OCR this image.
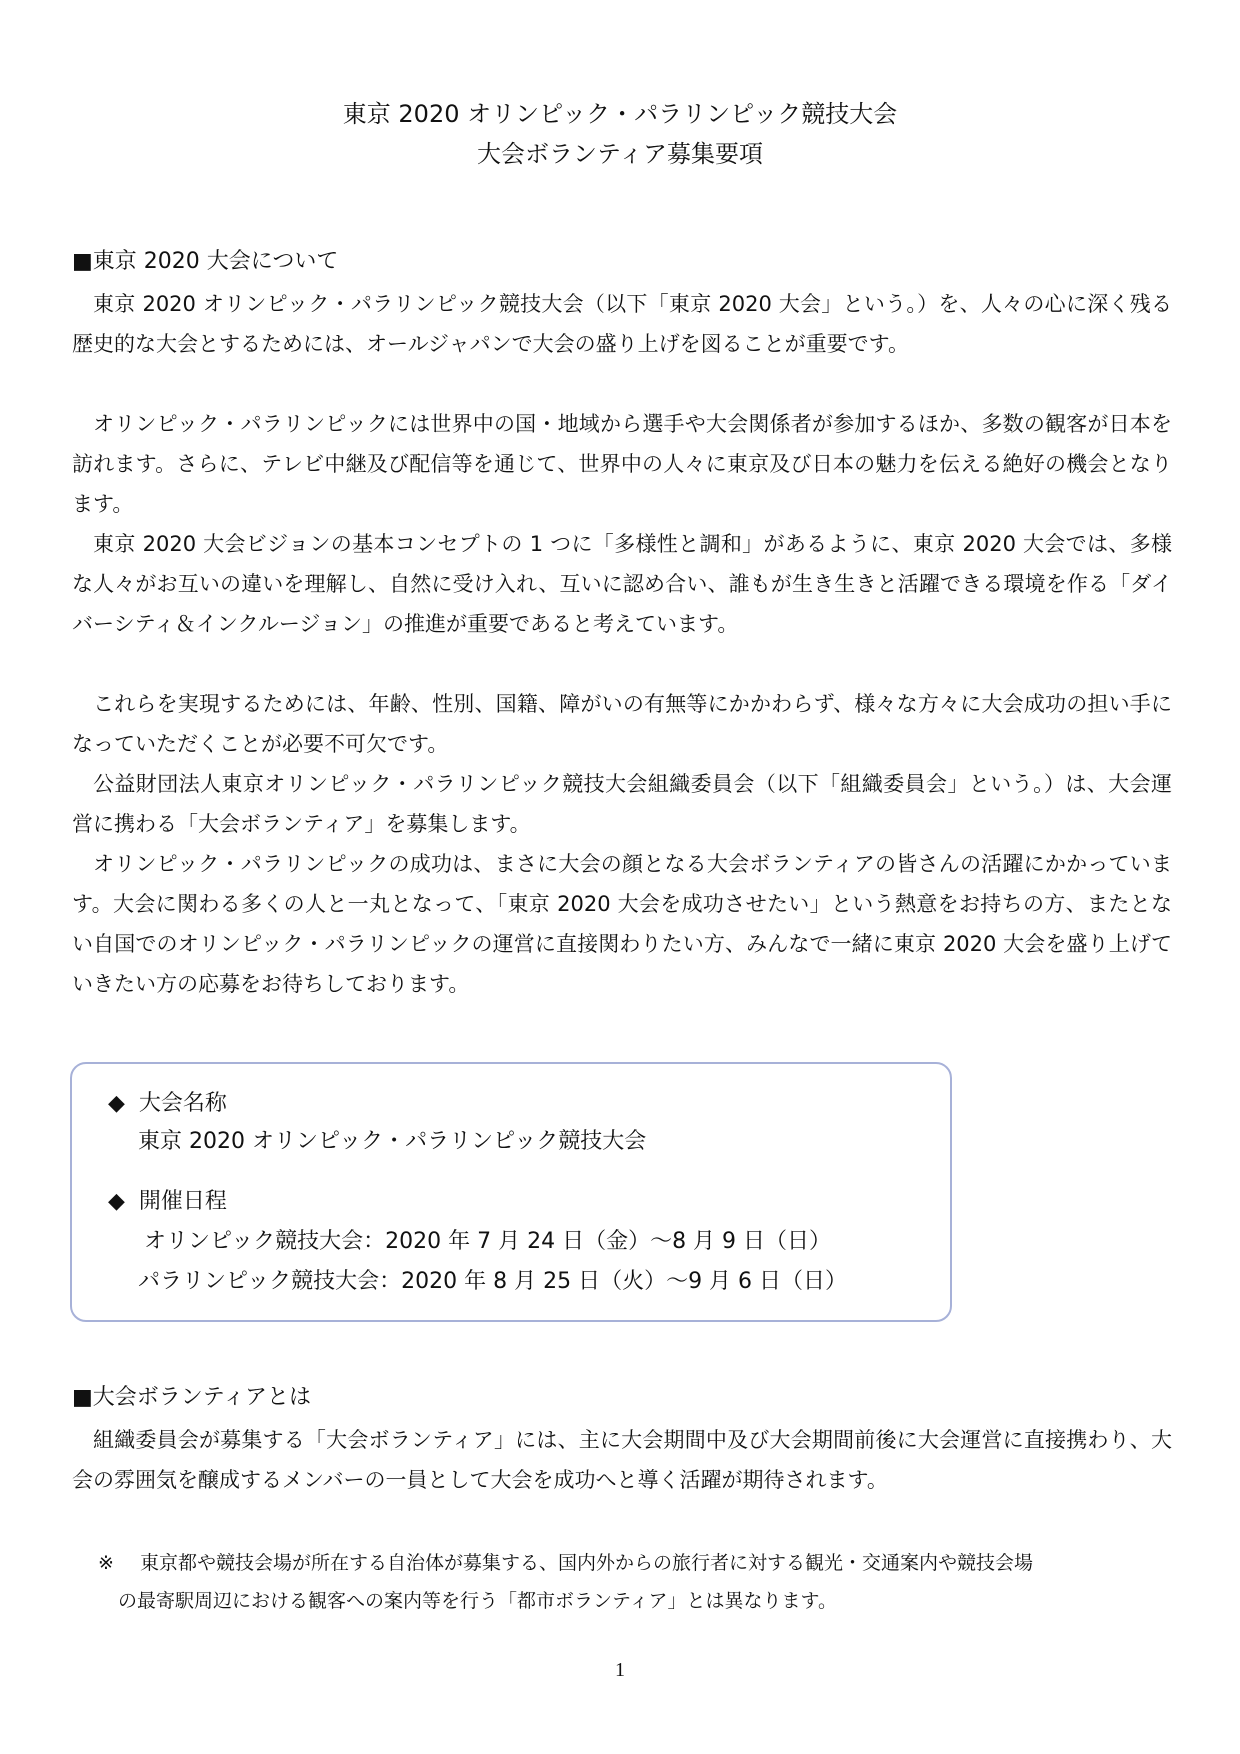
東京 2020 オリンピック・パラリンピック競技大会
大会ボランティア募集要項
■東京 2020 大会について

東京 2020 オリンピック・パラリンピック競技大会（以下「東京 2020 大会」という。）を、人々の心に深く残る歴史的な大会とするためには、オールジャパンで大会の盛り上げを図ることが重要です。

オリンピック・パラリンピックには世界中の国・地域から選手や大会関係者が参加するほか、多数の観客が日本を訪れます。さらに、テレビ中継及び配信等を通じて、世界中の人々に東京及び日本の魅力を伝える絶好の機会となります。

東京 2020 大会ビジョンの基本コンセプトの 1 つに「多様性と調和」があるように、東京 2020 大会では、多様な人々がお互いの違いを理解し、自然に受け入れ、互いに認め合い、誰もが生き生きと活躍できる環境を作る「ダイバーシティ＆インクルージョン」の推進が重要であると考えています。

これらを実現するためには、年齢、性別、国籍、障がいの有無等にかかわらず、様々な方々に大会成功の担い手になっていただくことが必要不可欠です。

公益財団法人東京オリンピック・パラリンピック競技大会組織委員会（以下「組織委員会」という。）は、大会運営に携わる「大会ボランティア」を募集します。

オリンピック・パラリンピックの成功は、まさに大会の顔となる大会ボランティアの皆さんの活躍にかかっています。大会に関わる多くの人と一丸となって、「東京 2020 大会を成功させたい」という熱意をお持ちの方、またとない自国でのオリンピック・パラリンピックの運営に直接関わりたい方、みんなで一緒に東京 2020 大会を盛り上げていきたい方の応募をお待ちしております。

◆ 大会名称
東京 2020 オリンピック・パラリンピック競技大会
◆ 開催日程
オリンピック競技大会：2020 年 7 月 24 日（金）～8 月 9 日（日）
パラリンピック競技大会：2020 年 8 月 25 日（火）～9 月 6 日（日）
■大会ボランティアとは

組織委員会が募集する「大会ボランティア」には、主に大会期間中及び大会期間前後に大会運営に直接携わり、大会の雰囲気を醸成するメンバーの一員として大会を成功へと導く活躍が期待されます。

※ 東京都や競技会場が所在する自治体が募集する、国内外からの旅行者に対する観光・交通案内や競技会場
の最寄駅周辺における観客への案内等を行う「都市ボランティア」とは異なります。
1
